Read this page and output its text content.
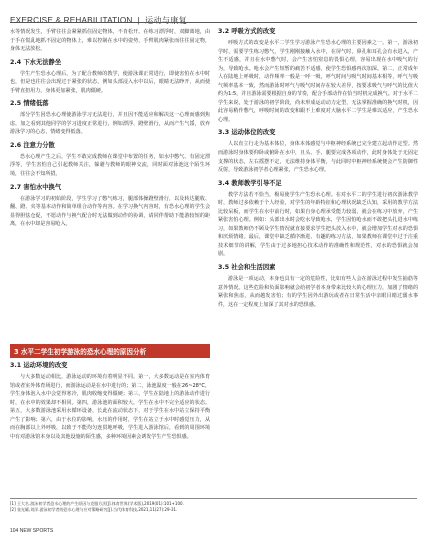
EXERCISE & REHABILITATION | 运动与康复

水等情况发生，手臂往往会紧紧抓住固定物体，不肯松开。在练习漂浮时，双脚离地，由于手在慌乱地抓不固定的物体上，难以控制在水中的姿势，手臂肌肉紧张而往往固定物，身体无法放松。

2.4 下水无法静坐

学生产生恐水心理后，为了配合教师的教学，使游泳课正常进行，即使害怕在水中时也，但是也往往会出现过于紧张的状态，例如头部浸入水中以后，眼睛无法睁开，从而使手臂直扭用力，身体更加紧张，肌肉僵硬。

2.5 情绪低落

部分学生因恐水心理使游泳学习无法进行，并且因不能适应和解决这一心理而感到焦虑，加之看到其他同学的学习进度正常进行，例如漂浮、蹬壁滑行，从而产生气馁，放弃游泳学习的心态，情绪变得低落。

2.6 注意力分散

恐水心理产生之后，学生不敢完成教师在课堂中布置的任务，如水中憋气、有固定漂浮等，学生害怕自己引起教师关注，躲避与教师的眼神交流，同时面对泳池这个陌生环境，往往会不知所措。

2.7 害怕水中换气

在游泳学习的初始阶段，学生学习了憋气练习，腿部体操蹬壁滑行，以及转达腿收、翻、蹬、夹等基本动作和简单组合动作等内容。在学习换气内容时，有恐水心理的学生会显得胆怯仓促，不愿动作与换气配合时无法做到动作的协调，请同伴帮助下能游较短的距离，在水中却是容易呛入。

3 水平二学生初学游泳的恐水心理的原因分析
3.1 运动环境的改变

与大多数运动相比，游泳运动的环境有着明显不同。第一，大多数运动是在室内体育馆或者室外体育场进行，而游泳运动是在水中进行的；第二，泳池温度一般在26~28°C，学生身体泡入水中会觉得寒冷，肌肉收缩变得僵硬；第三，学生在陆地上的游泳动作进行时，在水中的效果却不相同。第四，游泳池的面积较大，学生在水中不完全适应的状态。第五，大多数游泳池采用水循环设备，长此在流动状态下，对于学生在水中站立保持平衡产生了影响；第六，由于水位的影响，水压的作用时，学生在站立于水中时感觉压力，从而在胸部以上外呼吸，以致于不能均匀连贯地呼吸，学生进入游泳馆后，看到的周围环境中有对游泳馆本身以及其他设施的陌生感，多种环境因素会诱发学生产生恐惧感。

3.2 呼吸方式的改变

呼吸方式的改变是水平二学生学习游泳产生恐水心理的主要因素之一。第一，游泳初学时，需要学生练习憋气，学生刚刚接触入水中，在屏气时，鼻孔和耳孔会有水进入，产生不适感，并且在水中憋气时，会产生害怕窒息的畏惧心理，容易出现在水中吸气的行为，导致呛水。呛水会产生短暂的痛苦不适感，使学生恐惧感再次加深。第二，正常成年人在陆地上呼吸时，动作频率一般是一呼一吸，呼气时间与吸气时间基本相等，呼气与吸气频率基本一致，然而游泳时呼气与吸气时间存在较大差异，按要求吸气与呼气的比值大约为1:5，并且游泳需要根据自身的节奏，配合手部动作在恰当时机完成换气。对于水平二学生来说，处于游泳的初学阶段，尚未形成运动动力定型，无法掌握准确的换气时机，因此容易稍作憋气，呼吸时间的改变和跟不上难度对大脑水平二学生是难以适应，产生恐水心理。

3.3 运动体位的改变

人以直立行走为基本体位，身体本体感觉与中枢神经系统已完全建立起动作定型。然而游泳时身体要仰卧或俯卧在水中，且头、手、腿要完成各项动作，此时身体处于无固定支撑的状态，左右摇摆不定，无法维持身体平衡，与此同时中枢神经系统便会产生防御性反射，导致游泳初学者心理紧张，产生恐水心理。

3.4 教师教学引导不足

教学方法若不恰当，极易使学生产生恐水心理。在对水平二的学生进行初次游泳教学时，教师过多依赖于个人经验，对学生的年龄特征和心理状况缺乏认知，采用的教学方法比较呆板，而学生在水中前行时，如果自身心理承受能力较弱，就会在练习中放弃，产生紧张害怕心理。例如：头部出水时会吃水导致呛水，学生因怕呛水而不敢把头扎进水中练习，如果教师仍不顾及学生情况就直接要求学生把头放入水中，就会增加学生对水的恐惧和厌烦情绪。最后，课堂中缺乏循序渐进、有趣的练习方法，如果教师在课堂中过于注重技术细节的讲解，学生由于过多地担心技术动作的准确性和规范性，对水的恐惧就会加剧。

3.5 社会和生活因素

游泳是一项运动，本身也具有一定的危险性，比如有些人会在游泳过程中发生抽筋等意外情况。这些危险和负面影响就会给初学者本身带来比较大的心理压力，加剧了情绪的紧张和焦虑，从而越发害怕；有的学生因外出游玩或者在日常生活中亲眼目睹过溺水事件，这在一定程度上加深了其对水的恐惧感。

[1] 王大名.游泳初学者恐水心理的产生原因与克服方法[J].体育世界(学术版),2019(01):101+100.
[2] 张光耀,刘洋.游泳初学者的恐水心理与应对策略研究[J].当代体育科技,2021,11(27):29-31.
104 NEW SPORTS
